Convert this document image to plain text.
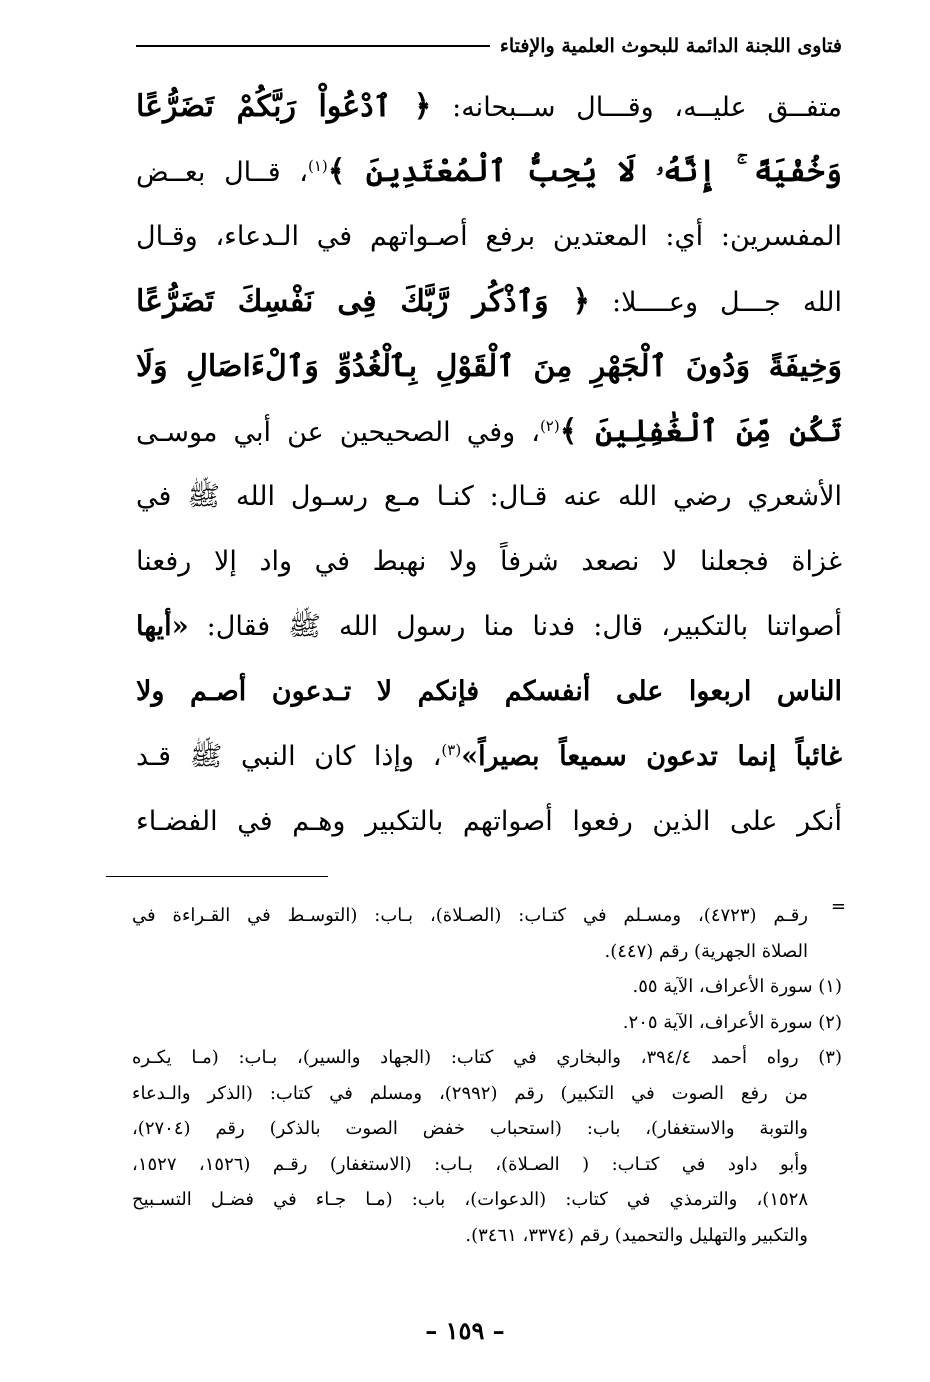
فتاوى اللجنة الدائمة للبحوث العلمية والإفتاء
متفــق عليــه، وقـــال ســبحانه: ﴿ ٱدْعُواْ رَبَّكُمْ تَضَرُّعًا
وَخُفْيَةً ۚ إِنَّهُۥ لَا يُحِبُّ ٱلْمُعْتَدِينَ ﴾$^{(١)}$، قــال بعــض
المفسرين: أي: المعتدين برفع أصـواتهم في الـدعاء، وقـال
الله جـــل وعــــلا: ﴿ وَٱذْكُر رَّبَّكَ فِى نَفْسِكَ تَضَرُّعًا
وَخِيفَةً وَدُونَ ٱلْجَهْرِ مِنَ ٱلْقَوْلِ بِٱلْغُدُوِّ وَٱلْءَاصَالِ وَلَا
تَكُن مِّنَ ٱلْغَٰفِلِينَ ﴾$^{(٢)}$، وفي الصحيحين عن أبي موسـى
الأشعري رضي الله عنه قـال: كنـا مـع رسـول الله ﷺ في
غزاة فجعلنا لا نصعد شرفاً ولا نهبط في واد إلا رفعنا
أصواتنا بالتكبير، قال: فدنا منا رسول الله ﷺ فقال: «أيها
الناس اربعوا على أنفسكم فإنكم لا تـدعون أصـم ولا
غائباً إنما تدعون سميعاً بصيراً»$^{(٣)}$، وإذا كان النبي ﷺ قـد
أنكر على الذين رفعوا أصواتهم بالتكبير وهـم في الفضـاء
=
رقـم (٤٧٢٣)، ومسـلم في كتـاب: (الصـلاة)، بـاب: (التوسـط في القـراءة في
الصلاة الجهرية) رقم (٤٤٧).
(١) سورة الأعراف، الآية ٥٥.
(٢) سورة الأعراف، الآية ٢٠٥.
(٣) رواه أحمد ٣٩٤/٤، والبخاري في كتاب: (الجهاد والسير)، بـاب: (مـا يكـره
من رفع الصوت في التكبير) رقم (٢٩٩٢)، ومسلم في كتاب: (الذكر والـدعاء
والتوبة والاستغفار)، باب: (استحباب خفض الصوت بالذكر) رقم (٢٧٠٤)،
وأبو داود في كتـاب: ( الصـلاة)، بـاب: (الاستغفار) رقـم (١٥٢٦، ١٥٢٧،
١٥٢٨)، والترمذي في كتاب: (الدعوات)، باب: (مـا جـاء في فضـل التسـبيح
والتكبير والتهليل والتحميد) رقم (٣٣٧٤، ٣٤٦١).
– ١٥٩ –
